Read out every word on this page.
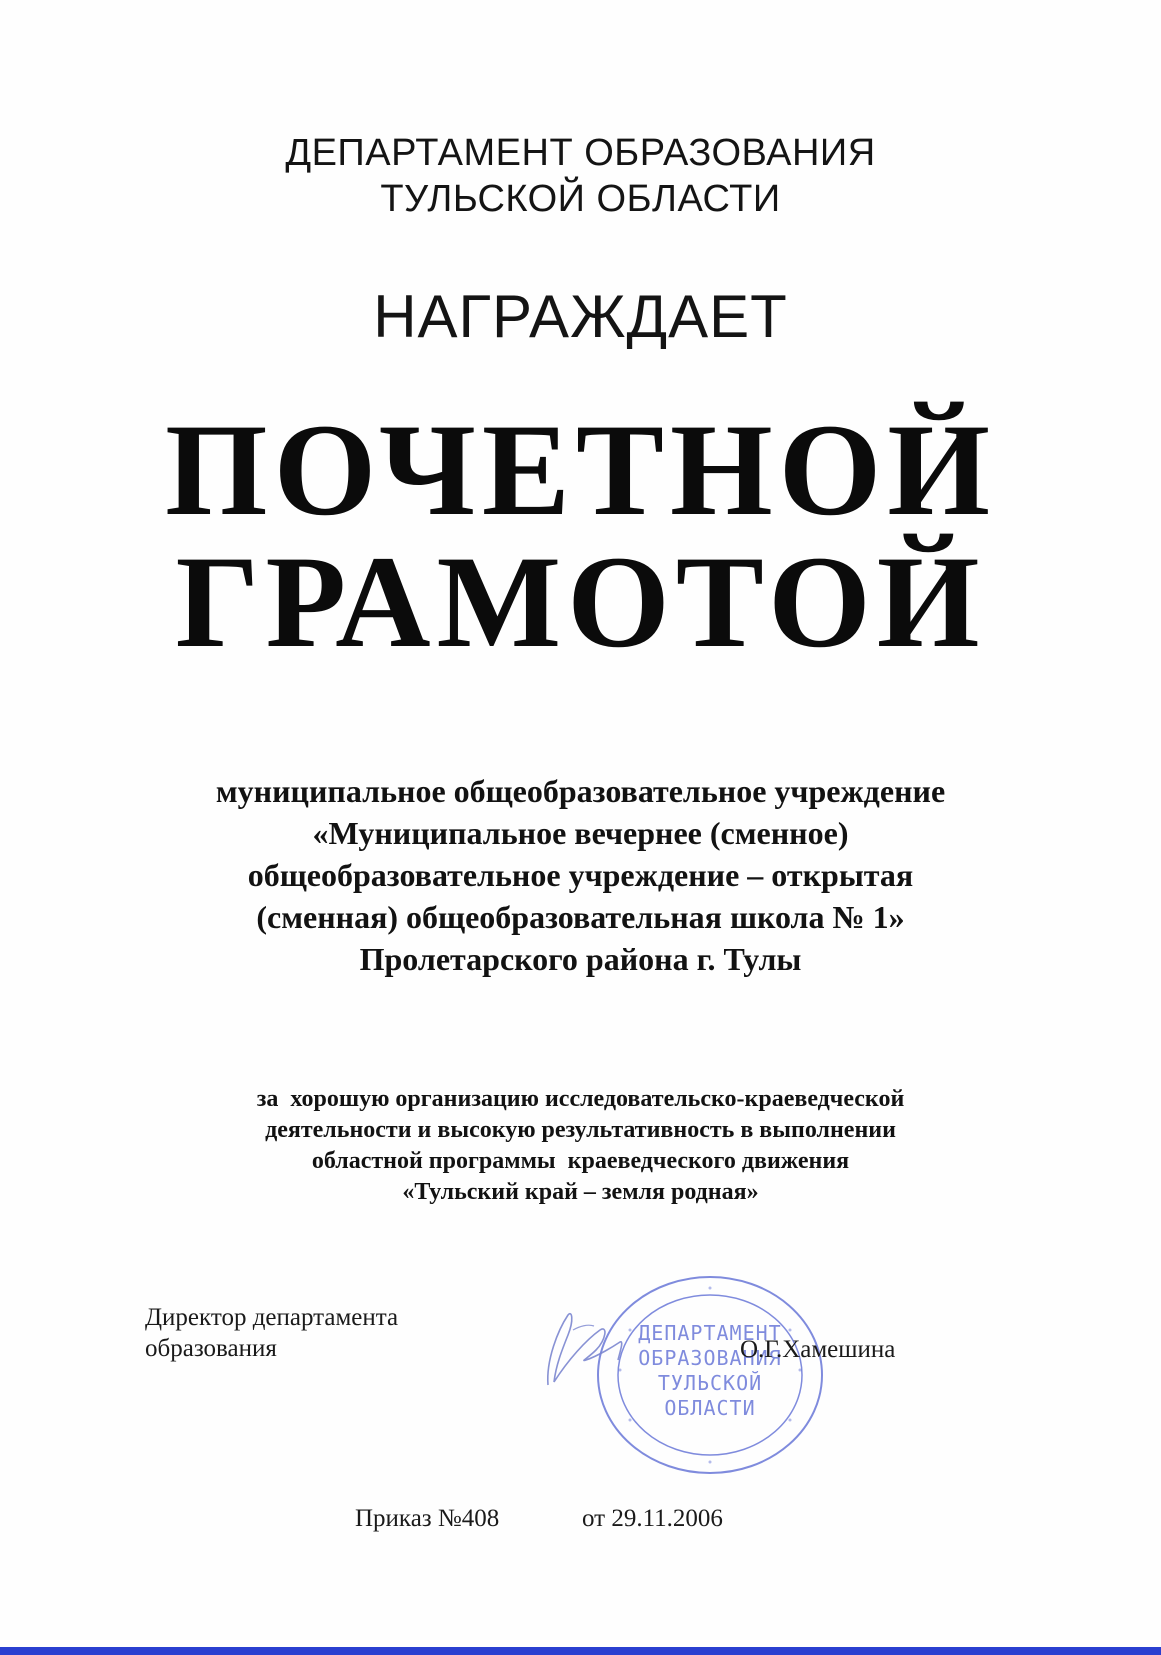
ДЕПАРТАМЕНТ ОБРАЗОВАНИЯ
ТУЛЬСКОЙ ОБЛАСТИ
НАГРАЖДАЕТ
ПОЧЕТНОЙ
ГРАМОТОЙ
муниципальное общеобразовательное учреждение
«Муниципальное вечернее (сменное)
общеобразовательное учреждение – открытая
(сменная) общеобразовательная школа № 1»
Пролетарского района г. Тулы
за  хорошую организацию исследовательско-краеведческой
деятельности и высокую результативность в выполнении
областной программы  краеведческого движения
«Тульский край – земля родная»
Директор департамента
образования
ДЕПАРТАМЕНТ
ОБРАЗОВАНИЯ
ТУЛЬСКОЙ
ОБЛАСТИ
О.Г.Хамешина
Приказ №408	от 29.11.2006
